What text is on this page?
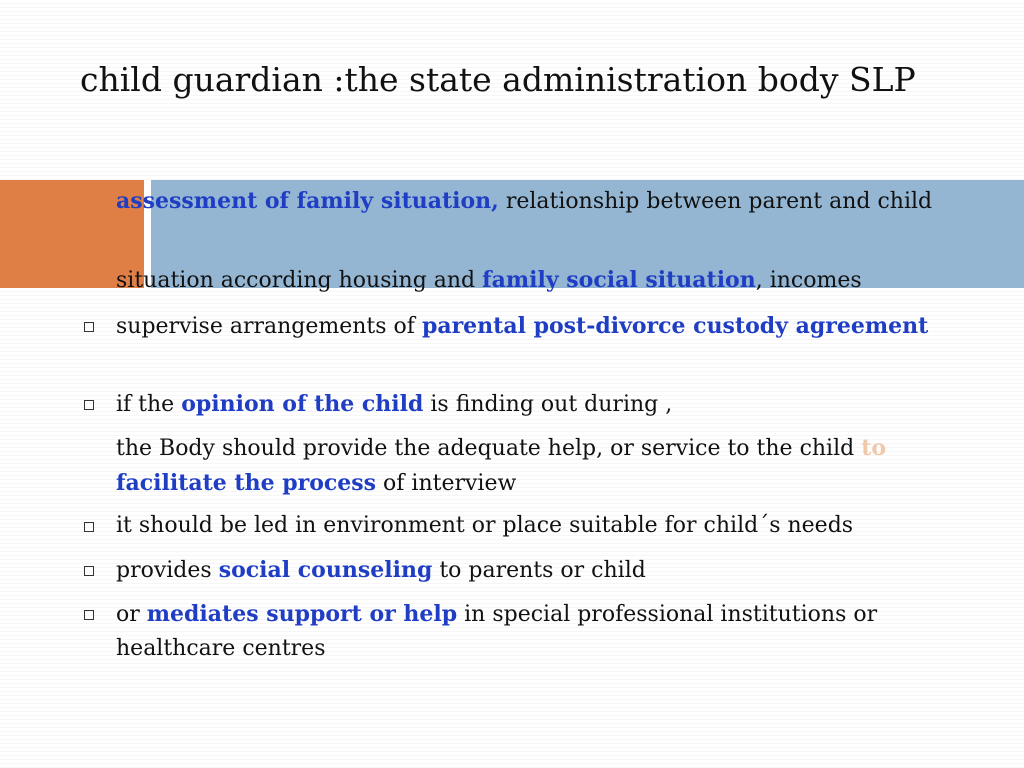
child guardian :the state administration body SLP
assessment of family situation, relationship between parent and child
situation according housing and family social situation, incomes
supervise arrangements of parental post-divorce custody agreement
if the opinion of the child is finding out during ,
the Body should provide the adequate help, or service to the child to facilitate the process of interview
it should be led in environment or place suitable for child´s needs
provides social counseling to parents or child
or mediates support or help in special professional institutions or healthcare centres
